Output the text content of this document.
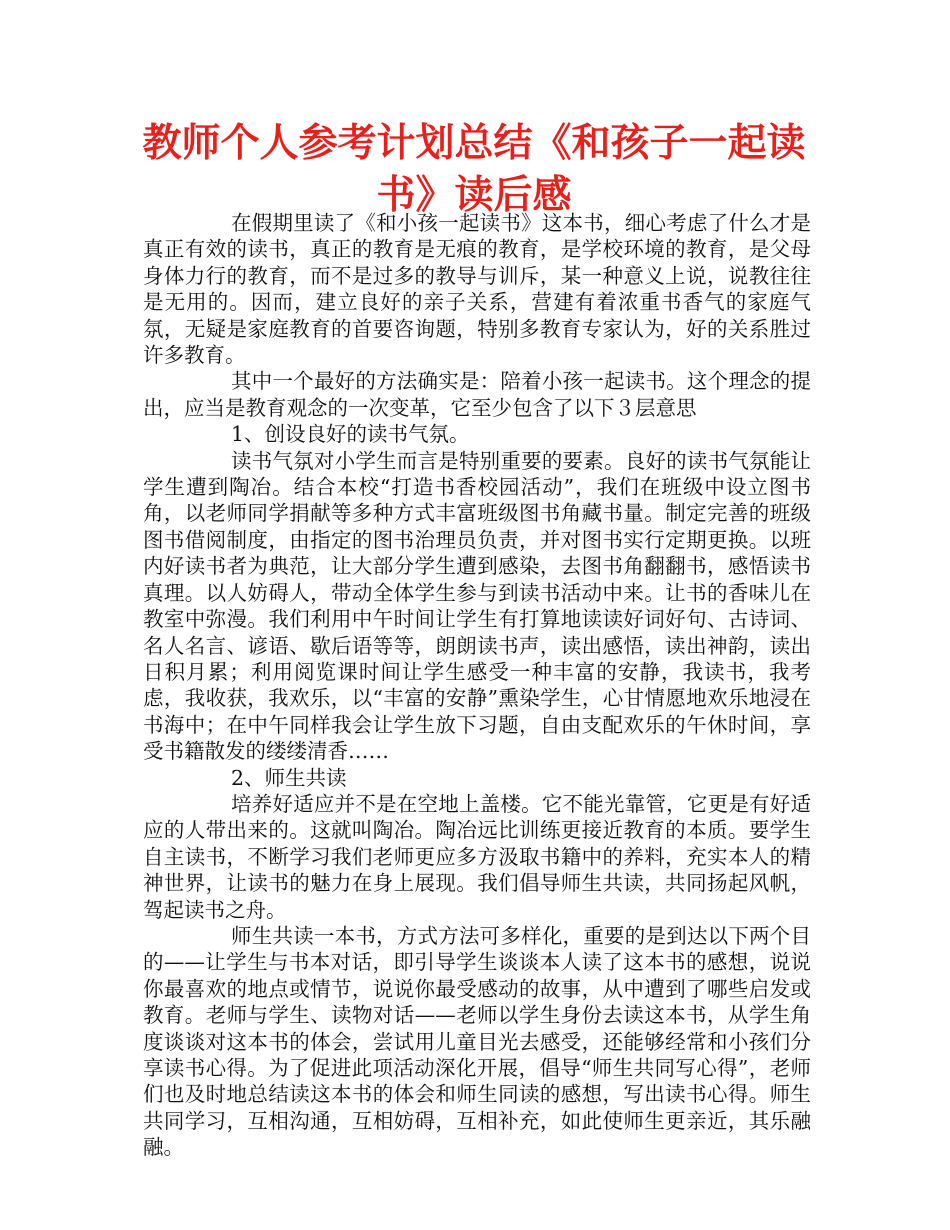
教师个人参考计划总结《和孩子一起读书》读后感

在假期里读了《和小孩一起读书》这本书，细心考虑了什么才是真正有效的读书，真正的教育是无痕的教育，是学校环境的教育，是父母身体力行的教育，而不是过多的教导与训斥，某一种意义上说，说教往往是无用的。因而，建立良好的亲子关系，营建有着浓重书香气的家庭气氛，无疑是家庭教育的首要咨询题，特别多教育专家认为，好的关系胜过许多教育。

其中一个最好的方法确实是：陪着小孩一起读书。这个理念的提出，应当是教育观念的一次变革，它至少包含了以下３层意思

1、创设良好的读书气氛。

读书气氛对小学生而言是特别重要的要素。良好的读书气氛能让学生遭到陶冶。结合本校“打造书香校园活动”，我们在班级中设立图书角，以老师同学捐献等多种方式丰富班级图书角藏书量。制定完善的班级图书借阅制度，由指定的图书治理员负责，并对图书实行定期更换。以班内好读书者为典范，让大部分学生遭到感染，去图书角翻翻书，感悟读书真理。以人妨碍人，带动全体学生参与到读书活动中来。让书的香味儿在教室中弥漫。我们利用中午时间让学生有打算地读读好词好句、古诗词、名人名言、谚语、歇后语等等，朗朗读书声，读出感悟，读出神韵，读出日积月累；利用阅览课时间让学生感受一种丰富的安静，我读书，我考虑，我收获，我欢乐，以“丰富的安静”熏染学生，心甘情愿地欢乐地浸在书海中；在中午同样我会让学生放下习题，自由支配欢乐的午休时间，享受书籍散发的缕缕清香……

2、师生共读

培养好适应并不是在空地上盖楼。它不能光靠管，它更是有好适应的人带出来的。这就叫陶冶。陶冶远比训练更接近教育的本质。要学生自主读书，不断学习我们老师更应多方汲取书籍中的养料，充实本人的精神世界，让读书的魅力在身上展现。我们倡导师生共读，共同扬起风帆，驾起读书之舟。

师生共读一本书，方式方法可多样化，重要的是到达以下两个目的——让学生与书本对话，即引导学生谈谈本人读了这本书的感想，说说你最喜欢的地点或情节，说说你最受感动的故事，从中遭到了哪些启发或教育。老师与学生、读物对话——老师以学生身份去读这本书，从学生角度谈谈对这本书的体会，尝试用儿童目光去感受，还能够经常和小孩们分享读书心得。为了促进此项活动深化开展，倡导“师生共同写心得”，老师们也及时地总结读这本书的体会和师生同读的感想，写出读书心得。师生共同学习，互相沟通，互相妨碍，互相补充，如此使师生更亲近，其乐融融。
